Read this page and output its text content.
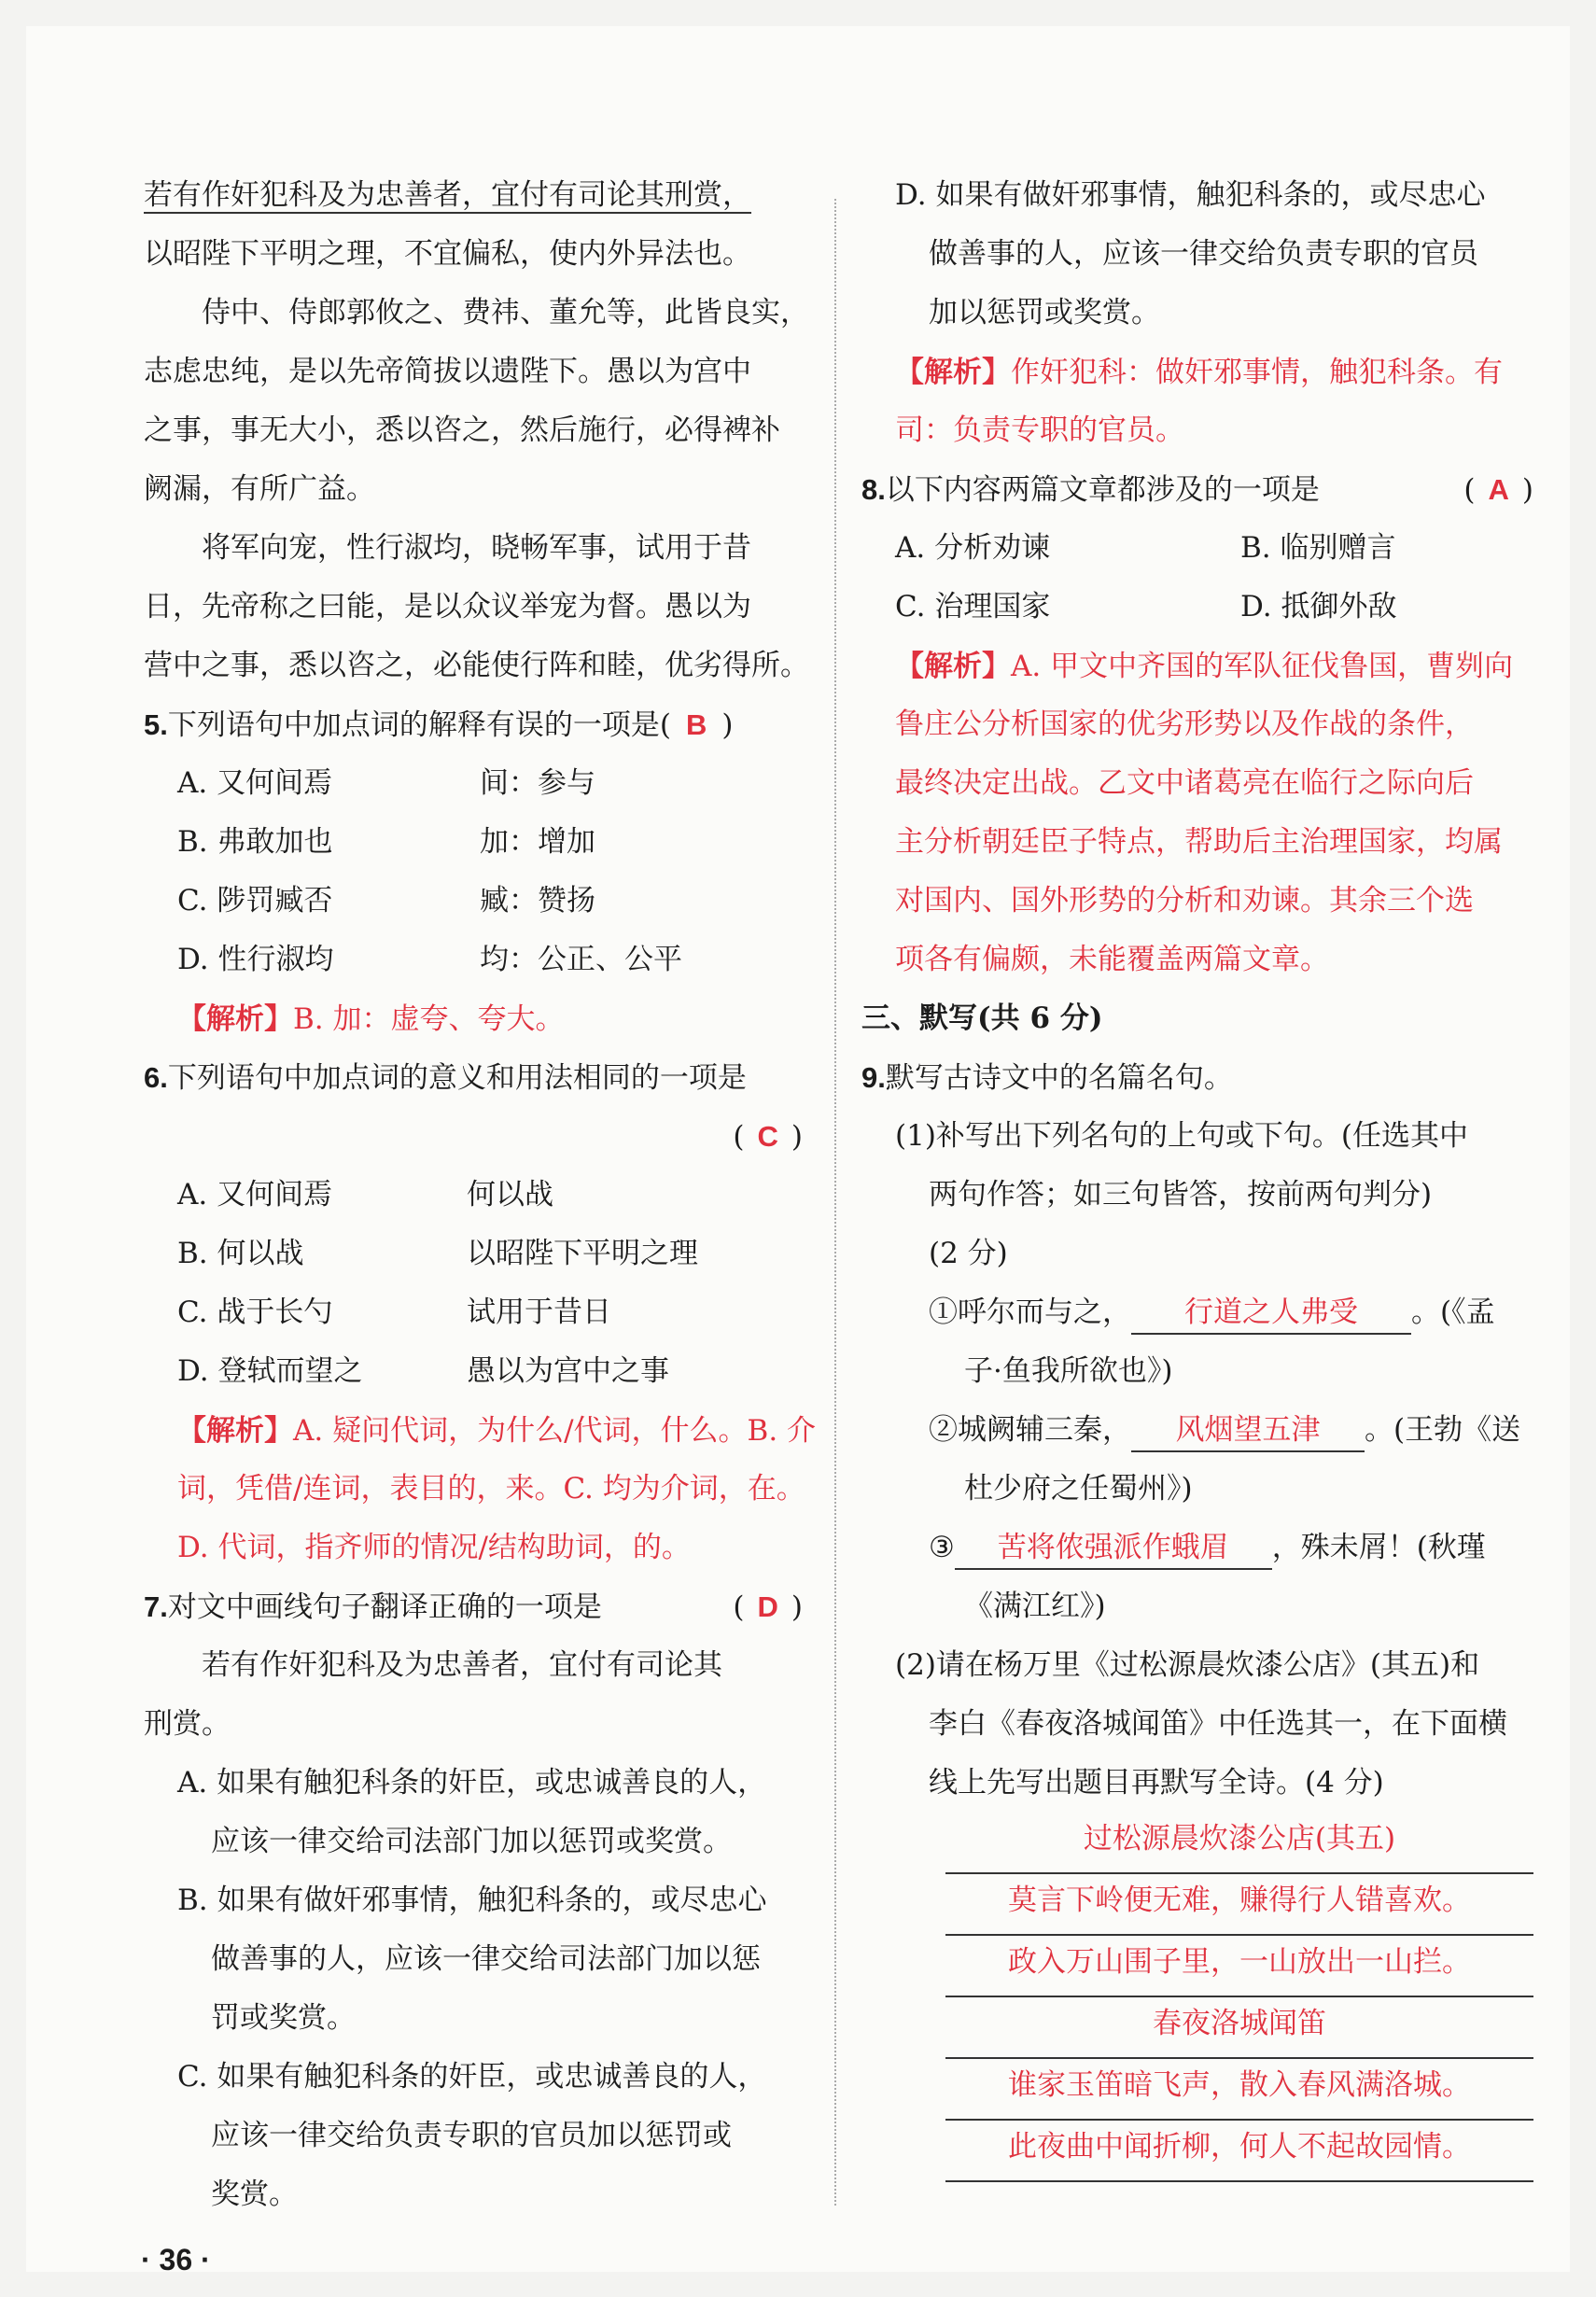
若有作奸犯科及为忠善者，宜付有司论其刑赏，
以昭陛下平明之理，不宜偏私，使内外异法也。
侍中、侍郎郭攸之、费祎、董允等，此皆良实，
志虑忠纯，是以先帝简拔以遗陛下。愚以为宫中
之事，事无大小，悉以咨之，然后施行，必得裨补
阙漏，有所广益。
将军向宠，性行淑均，晓畅军事，试用于昔
日，先帝称之曰能，是以众议举宠为督。愚以为
营中之事，悉以咨之，必能使行阵和睦，优劣得所。
5.下列语句中加点词的解释有误的一项是( B )
A. 又何间焉	间：参与
B. 弗敢加也	加：增加
C. 陟罚臧否	臧：赞扬
D. 性行淑均	均：公正、公平
【解析】B. 加：虚夸、夸大。
6.下列语句中加点词的意义和用法相同的一项是
( C )
A. 又何间焉	何以战
B. 何以战	以昭陛下平明之理
C. 战于长勺	试用于昔日
D. 登轼而望之	愚以为宫中之事
【解析】A. 疑问代词，为什么/代词，什么。B. 介
词，凭借/连词，表目的，来。C. 均为介词，在。
D. 代词，指齐师的情况/结构助词，的。
7.对文中画线句子翻译正确的一项是	( D )
若有作奸犯科及为忠善者，宜付有司论其
刑赏。
A. 如果有触犯科条的奸臣，或忠诚善良的人，
应该一律交给司法部门加以惩罚或奖赏。
B. 如果有做奸邪事情，触犯科条的，或尽忠心
做善事的人，应该一律交给司法部门加以惩
罚或奖赏。
C. 如果有触犯科条的奸臣，或忠诚善良的人，
应该一律交给负责专职的官员加以惩罚或
奖赏。
D. 如果有做奸邪事情，触犯科条的，或尽忠心
做善事的人，应该一律交给负责专职的官员
加以惩罚或奖赏。
【解析】作奸犯科：做奸邪事情，触犯科条。有
司：负责专职的官员。
8.以下内容两篇文章都涉及的一项是	( A )
A. 分析劝谏	B. 临别赠言
C. 治理国家	D. 抵御外敌
【解析】A. 甲文中齐国的军队征伐鲁国，曹刿向
鲁庄公分析国家的优劣形势以及作战的条件，
最终决定出战。乙文中诸葛亮在临行之际向后
主分析朝廷臣子特点，帮助后主治理国家，均属
对国内、国外形势的分析和劝谏。其余三个选
项各有偏颇，未能覆盖两篇文章。
三、默写(共 6 分)
9.默写古诗文中的名篇名句。
(1)补写出下列名句的上句或下句。(任选其中
两句作答；如三句皆答，按前两句判分)
(2 分)
①呼尔而与之， 行道之人弗受 。(《孟
子·鱼我所欲也》)
②城阙辅三秦， 风烟望五津 。(王勃《送
杜少府之任蜀州》)
③ 苦将侬强派作蛾眉 ，殊未屑！(秋瑾
《满江红》)
(2)请在杨万里《过松源晨炊漆公店》(其五)和
李白《春夜洛城闻笛》中任选其一，在下面横
线上先写出题目再默写全诗。(4 分)
过松源晨炊漆公店(其五)
莫言下岭便无难，赚得行人错喜欢。
政入万山围子里，一山放出一山拦。
春夜洛城闻笛
谁家玉笛暗飞声，散入春风满洛城。
此夜曲中闻折柳，何人不起故园情。
· 36 ·
